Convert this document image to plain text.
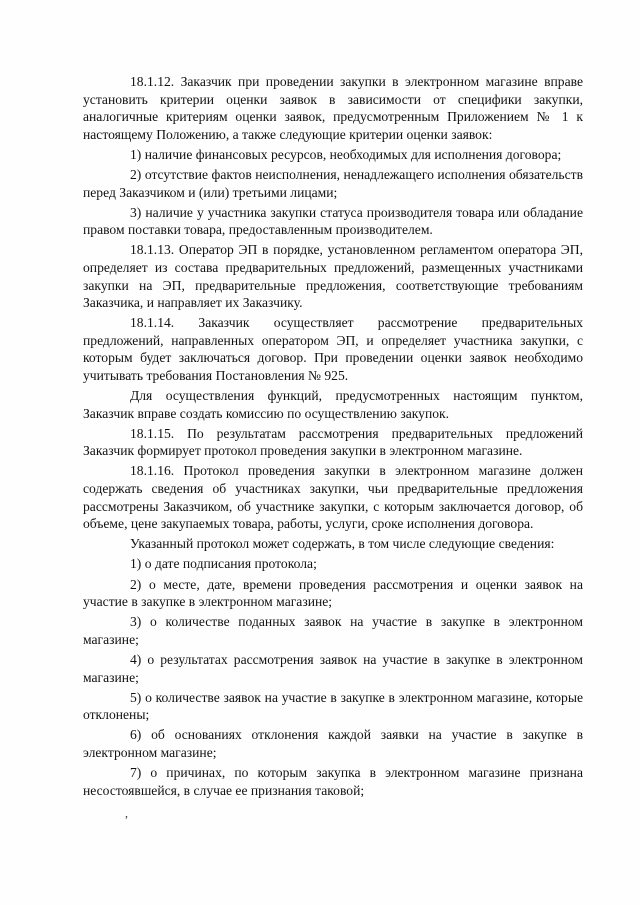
18.1.12. Заказчик при проведении закупки в электронном магазине вправе установить критерии оценки заявок в зависимости от специфики закупки, аналогичные критериям оценки заявок, предусмотренным Приложением № 1 к настоящему Положению, а также следующие критерии оценки заявок:

1) наличие финансовых ресурсов, необходимых для исполнения договора;

2) отсутствие фактов неисполнения, ненадлежащего исполнения обязательств перед Заказчиком и (или) третьими лицами;

3) наличие у участника закупки статуса производителя товара или обладание правом поставки товара, предоставленным производителем.

18.1.13. Оператор ЭП в порядке, установленном регламентом оператора ЭП, определяет из состава предварительных предложений, размещенных участниками закупки на ЭП, предварительные предложения, соответствующие требованиям Заказчика, и направляет их Заказчику.

18.1.14. Заказчик осуществляет рассмотрение предварительных предложений, направленных оператором ЭП, и определяет участника закупки, с которым будет заключаться договор. При проведении оценки заявок необходимо учитывать требования Постановления № 925.

Для осуществления функций, предусмотренных настоящим пунктом, Заказчик вправе создать комиссию по осуществлению закупок.

18.1.15. По результатам рассмотрения предварительных предложений Заказчик формирует протокол проведения закупки в электронном магазине.

18.1.16. Протокол проведения закупки в электронном магазине должен содержать сведения об участниках закупки, чьи предварительные предложения рассмотрены Заказчиком, об участнике закупки, с которым заключается договор, об объеме, цене закупаемых товара, работы, услуги, сроке исполнения договора.

Указанный протокол может содержать, в том числе следующие сведения:

1) о дате подписания протокола;

2) о месте, дате, времени проведения рассмотрения и оценки заявок на участие в закупке в электронном магазине;

3) о количестве поданных заявок на участие в закупке в электронном магазине;

4) о результатах рассмотрения заявок на участие в закупке в электронном магазине;

5) о количестве заявок на участие в закупке в электронном магазине, которые отклонены;

6) об основаниях отклонения каждой заявки на участие в закупке в электронном магазине;

7) о причинах, по которым закупка в электронном магазине признана несостоявшейся, в случае ее признания таковой;

,
